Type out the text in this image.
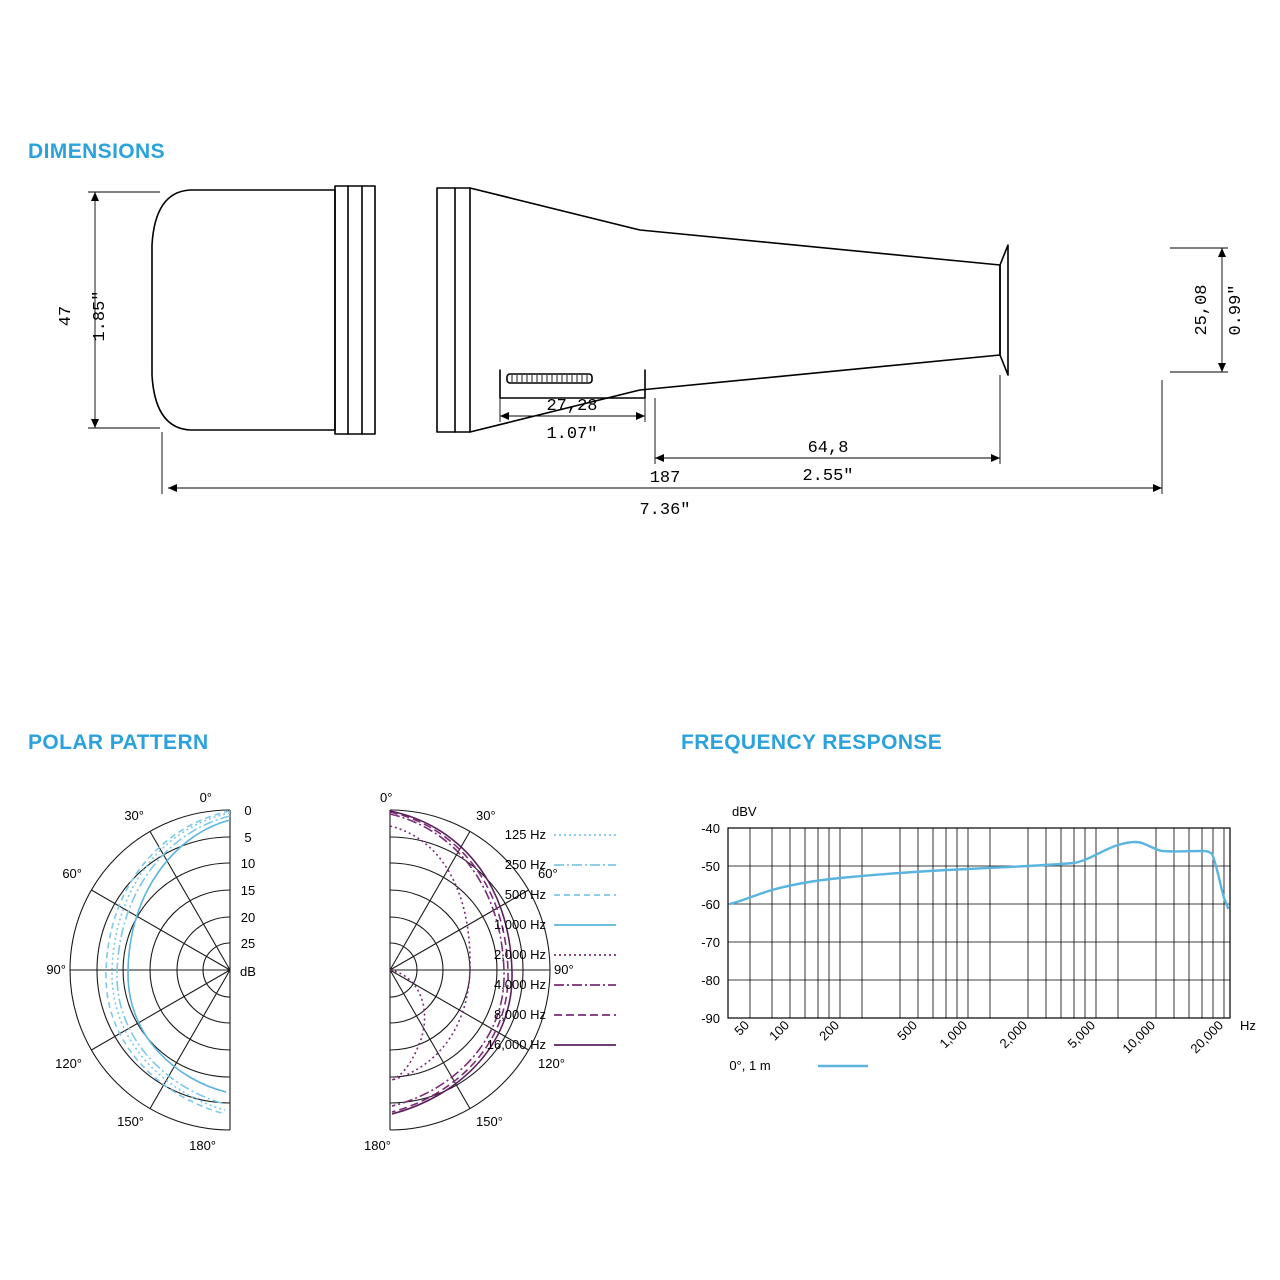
DIMENSIONS
POLAR PATTERN	FREQUENCY RESPONSE
47 1.85"	25,08 0.99"
27,28
1.07"
64,8
2.55"
187
7.36"
0°
30°
60°
90°
120°
150°
180°
0°
30°
60°
90°
120°
150°
180°
0
5
10
15
20
25
dB
125 Hz
250 Hz
500 Hz
1,000 Hz
2,000 Hz
4,000 Hz
8,000 Hz
16,000 Hz
dBV
-40
-50
-60
-70
-80
-90 50 100 200	500 1,000 2,000	5,000 10,000 20,000 Hz
0°, 1 m
